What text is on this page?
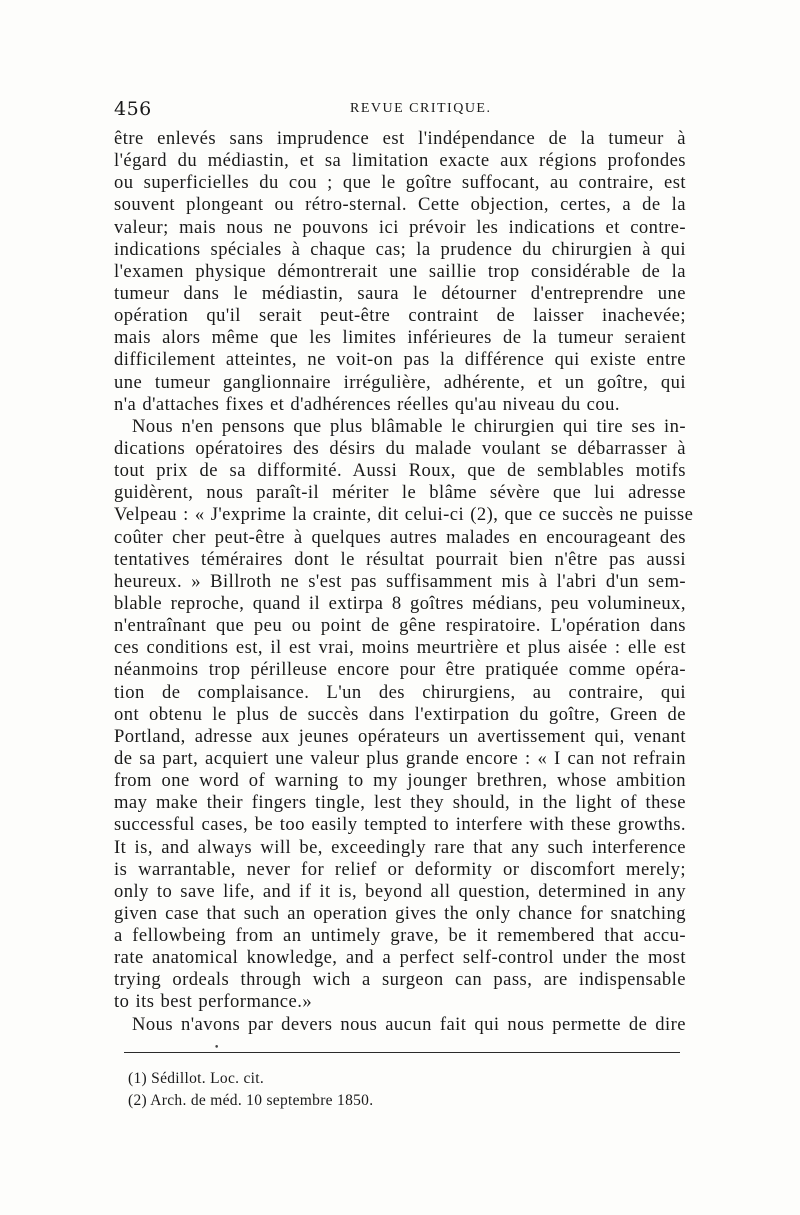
456	REVUE CRITIQUE.
être enlevés sans imprudence est l'indépendance de la tumeur à
l'égard du médiastin, et sa limitation exacte aux régions profondes
ou superficielles du cou ; que le goître suffocant, au contraire, est
souvent plongeant ou rétro-sternal. Cette objection, certes, a de la
valeur; mais nous ne pouvons ici prévoir les indications et contre-
indications spéciales à chaque cas; la prudence du chirurgien à qui
l'examen physique démontrerait une saillie trop considérable de la
tumeur dans le médiastin, saura le détourner d'entreprendre une
opération qu'il serait peut-être contraint de laisser inachevée;
mais alors même que les limites inférieures de la tumeur seraient
difficilement atteintes, ne voit-on pas la différence qui existe entre
une tumeur ganglionnaire irrégulière, adhérente, et un goître, qui
n'a d'attaches fixes et d'adhérences réelles qu'au niveau du cou.
Nous n'en pensons que plus blâmable le chirurgien qui tire ses in-
dications opératoires des désirs du malade voulant se débarrasser à
tout prix de sa difformité. Aussi Roux, que de semblables motifs
guidèrent, nous paraît-il mériter le blâme sévère que lui adresse
Velpeau : « J'exprime la crainte, dit celui-ci (2), que ce succès ne puisse
coûter cher peut-être à quelques autres malades en encourageant des
tentatives téméraires dont le résultat pourrait bien n'être pas aussi
heureux. » Billroth ne s'est pas suffisamment mis à l'abri d'un sem-
blable reproche, quand il extirpa 8 goîtres médians, peu volumineux,
n'entraînant que peu ou point de gêne respiratoire. L'opération dans
ces conditions est, il est vrai, moins meurtrière et plus aisée : elle est
néanmoins trop périlleuse encore pour être pratiquée comme opéra-
tion de complaisance. L'un des chirurgiens, au contraire, qui
ont obtenu le plus de succès dans l'extirpation du goître, Green de
Portland, adresse aux jeunes opérateurs un avertissement qui, venant
de sa part, acquiert une valeur plus grande encore : « I can not refrain
from one word of warning to my jounger brethren, whose ambition
may make their fingers tingle, lest they should, in the light of these
successful cases, be too easily tempted to interfere with these growths.
It is, and always will be, exceedingly rare that any such interference
is warrantable, never for relief or deformity or discomfort merely;
only to save life, and if it is, beyond all question, determined in any
given case that such an operation gives the only chance for snatching
a fellowbeing from an untimely grave, be it remembered that accu-
rate anatomical knowledge, and a perfect self-control under the most
trying ordeals through wich a surgeon can pass, are indispensable
to its best performance.»
Nous n'avons par devers nous aucun fait qui nous permette de dire
•
(1) Sédillot. Loc. cit.
(2) Arch. de méd. 10 septembre 1850.
